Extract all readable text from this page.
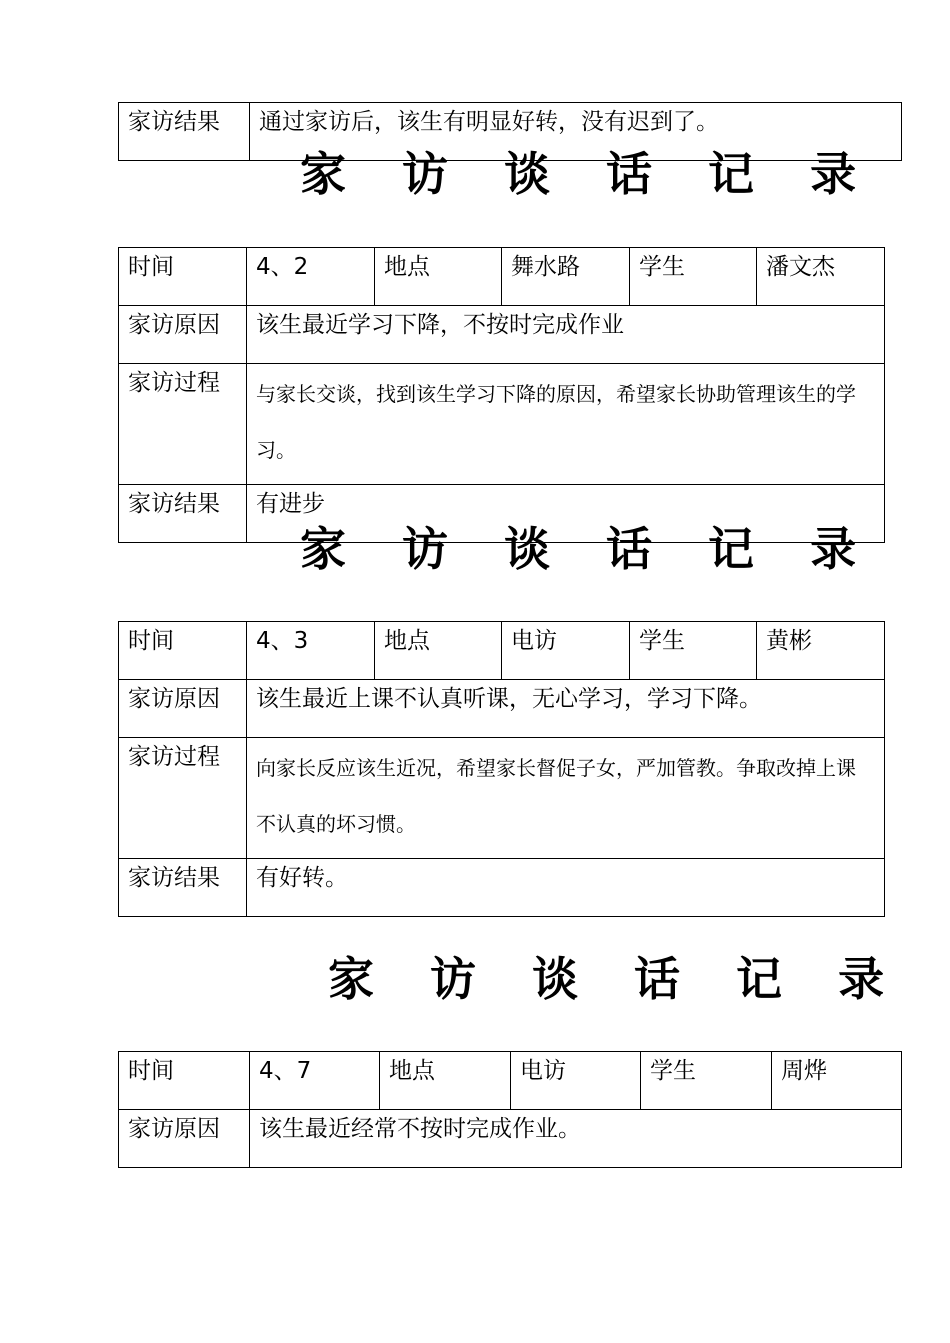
家访结果	通过家访后，该生有明显好转，没有迟到了。
家 访 谈 话 记 录
时间	4、2	地点	舞水路	学生	潘文杰
家访原因	该生最近学习下降，不按时完成作业				
家访过程	与家长交谈，找到该生学习下降的原因，希望家长协助管理该生的学习。				
家访结果	有进步				
家 访 谈 话 记 录
时间	4、3	地点	电访	学生	黄彬
家访原因	该生最近上课不认真听课，无心学习，学习下降。				
家访过程	向家长反应该生近况，希望家长督促子女，严加管教。争取改掉上课不认真的坏习惯。				
家访结果	有好转。				
家 访 谈 话 记 录
时间	4、7	地点	电访	学生	周烨
家访原因	该生最近经常不按时完成作业。				
